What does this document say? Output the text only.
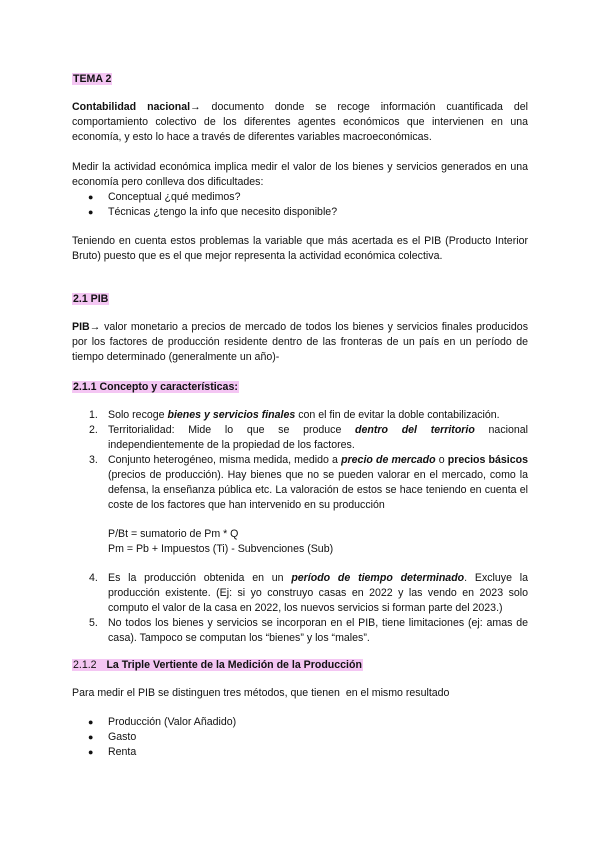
TEMA 2
Contabilidad nacional→ documento donde se recoge información cuantificada del comportamiento colectivo de los diferentes agentes económicos que intervienen en una economía, y esto lo hace a través de diferentes variables macroeconómicas.
Medir la actividad económica implica medir el valor de los bienes y servicios generados en una economía pero conlleva dos dificultades:
● Conceptual ¿qué medimos?
● Técnicas ¿tengo la info que necesito disponible?
Teniendo en cuenta estos problemas la variable que más acertada es el PIB (Producto Interior Bruto) puesto que es el que mejor representa la actividad económica colectiva.
2.1 PIB
PIB→ valor monetario a precios de mercado de todos los bienes y servicios finales producidos por los factores de producción residente dentro de las fronteras de un país en un período de tiempo determinado (generalmente un año)-
2.1.1 Concepto y características:
1. Solo recoge bienes y servicios finales con el fin de evitar la doble contabilización.
2. Territorialidad: Mide lo que se produce dentro del territorio nacional independientemente de la propiedad de los factores.
3. Conjunto heterogéneo, misma medida, medido a precio de mercado o precios básicos (precios de producción). Hay bienes que no se pueden valorar en el mercado, como la defensa, la enseñanza pública etc. La valoración de estos se hace teniendo en cuenta el coste de los factores que han intervenido en su producción
P/Bt = sumatorio de Pm * Q
Pm = Pb + Impuestos (Ti) - Subvenciones (Sub)
4. Es la producción obtenida en un período de tiempo determinado. Excluye la producción existente. (Ej: si yo construyo casas en 2022 y las vendo en 2023 solo computo el valor de la casa en 2022, los nuevos servicios si forman parte del 2023.)
5. No todos los bienes y servicios se incorporan en el PIB, tiene limitaciones (ej: amas de casa). Tampoco se computan los “bienes” y los “males”.
2.1.2 La Triple Vertiente de la Medición de la Producción
Para medir el PIB se distinguen tres métodos, que tienen  en el mismo resultado
● Producción (Valor Añadido)
● Gasto
● Renta
